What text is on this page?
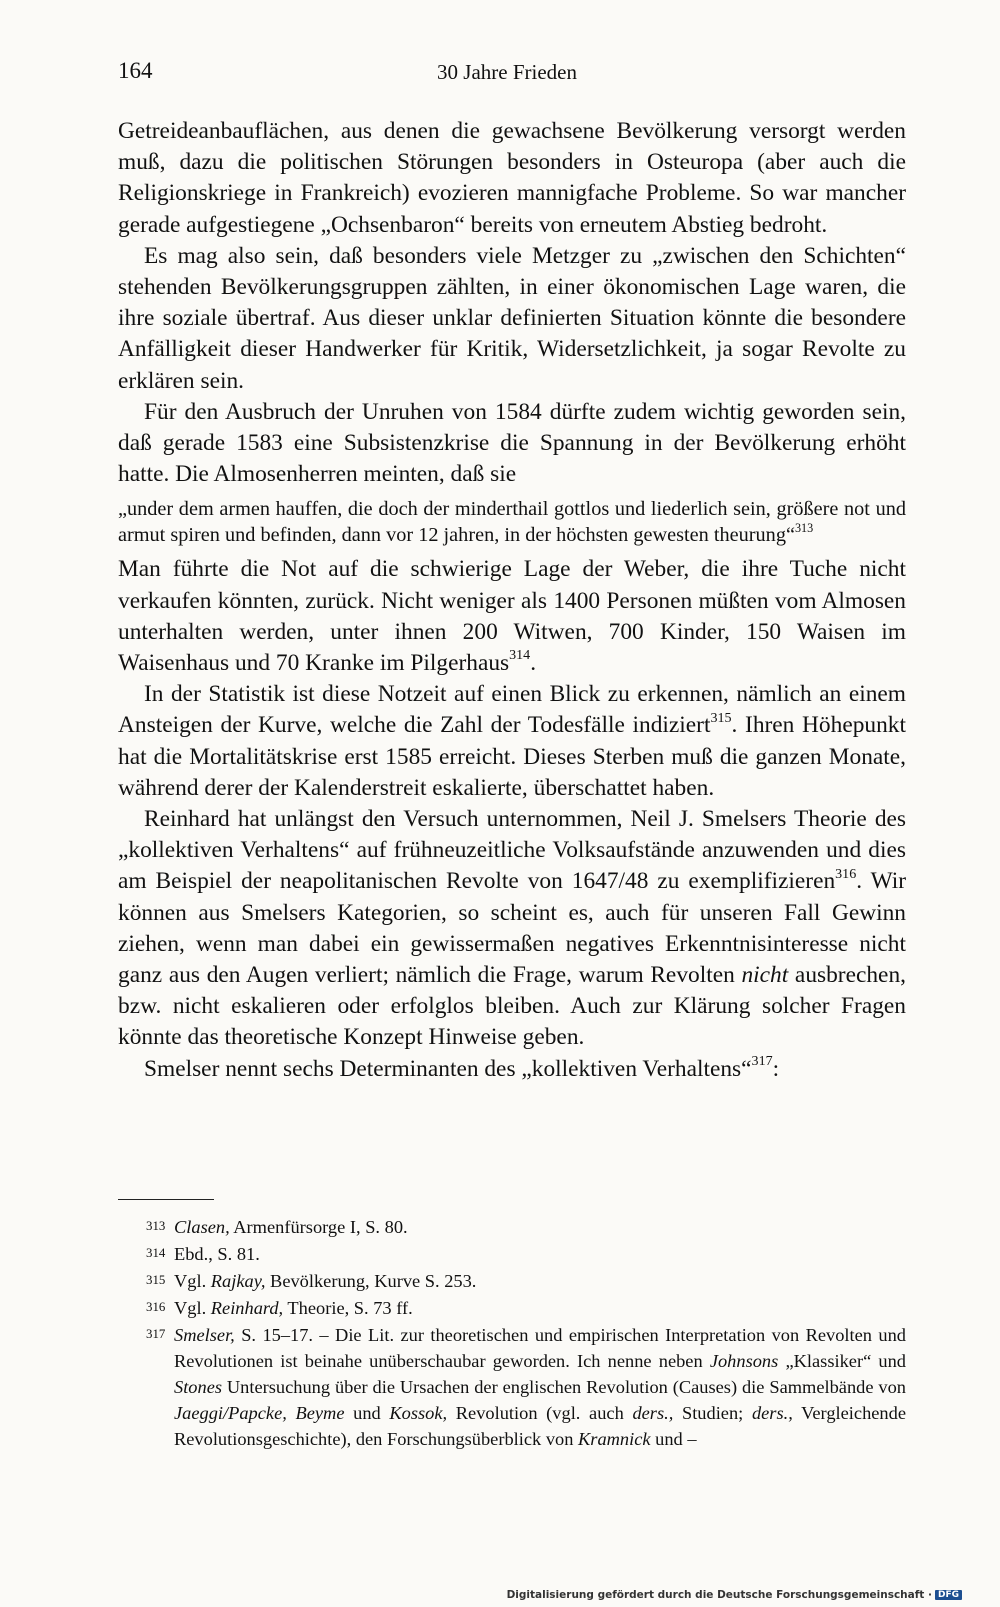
164	30 Jahre Frieden

Getreideanbauflächen, aus denen die gewachsene Bevölkerung versorgt werden muß, dazu die politischen Störungen besonders in Osteuropa (aber auch die Religionskriege in Frankreich) evozieren mannigfache Probleme. So war mancher gerade aufgestiegene „Ochsenbaron“ bereits von erneutem Abstieg bedroht.

Es mag also sein, daß besonders viele Metzger zu „zwischen den Schichten“ stehenden Bevölkerungsgruppen zählten, in einer ökonomischen Lage waren, die ihre soziale übertraf. Aus dieser unklar definierten Situation könnte die besondere Anfälligkeit dieser Handwerker für Kritik, Widersetzlichkeit, ja sogar Revolte zu erklären sein.

Für den Ausbruch der Unruhen von 1584 dürfte zudem wichtig geworden sein, daß gerade 1583 eine Subsistenzkrise die Spannung in der Bevölkerung erhöht hatte. Die Almosenherren meinten, daß sie

„under dem armen hauffen, die doch der minderthail gottlos und liederlich sein, größere not und armut spiren und befinden, dann vor 12 jahren, in der höchsten gewesten theurung“$^{313}$

Man führte die Not auf die schwierige Lage der Weber, die ihre Tuche nicht verkaufen könnten, zurück. Nicht weniger als 1400 Personen müßten vom Almosen unterhalten werden, unter ihnen 200 Witwen, 700 Kinder, 150 Waisen im Waisenhaus und 70 Kranke im Pilgerhaus$^{314}$.

In der Statistik ist diese Notzeit auf einen Blick zu erkennen, nämlich an einem Ansteigen der Kurve, welche die Zahl der Todesfälle indiziert$^{315}$. Ihren Höhepunkt hat die Mortalitätskrise erst 1585 erreicht. Dieses Sterben muß die ganzen Monate, während derer der Kalenderstreit eskalierte, überschattet haben.

Reinhard hat unlängst den Versuch unternommen, Neil J. Smelsers Theorie des „kollektiven Verhaltens“ auf frühneuzeitliche Volksaufstände anzuwenden und dies am Beispiel der neapolitanischen Revolte von 1647/48 zu exemplifizieren$^{316}$. Wir können aus Smelsers Kategorien, so scheint es, auch für unseren Fall Gewinn ziehen, wenn man dabei ein gewissermaßen negatives Erkenntnisinteresse nicht ganz aus den Augen verliert; nämlich die Frage, warum Revolten nicht ausbrechen, bzw. nicht eskalieren oder erfolglos bleiben. Auch zur Klärung solcher Fragen könnte das theoretische Konzept Hinweise geben.

Smelser nennt sechs Determinanten des „kollektiven Verhaltens“$^{317}$:

313 Clasen, Armenfürsorge I, S. 80.

314 Ebd., S. 81.

315 Vgl. Rajkay, Bevölkerung, Kurve S. 253.

316 Vgl. Reinhard, Theorie, S. 73 ff.

317 Smelser, S. 15–17. – Die Lit. zur theoretischen und empirischen Interpretation von Revolten und Revolutionen ist beinahe unüberschaubar geworden. Ich nenne neben Johnsons „Klassiker“ und Stones Untersuchung über die Ursachen der englischen Revolution (Causes) die Sammelbände von Jaeggi/Papcke, Beyme und Kossok, Revolution (vgl. auch ders., Studien; ders., Vergleichende Revolutionsgeschichte), den Forschungsüberblick von Kramnick und –

Digitalisierung gefördert durch die Deutsche Forschungsgemeinschaft · DFG
